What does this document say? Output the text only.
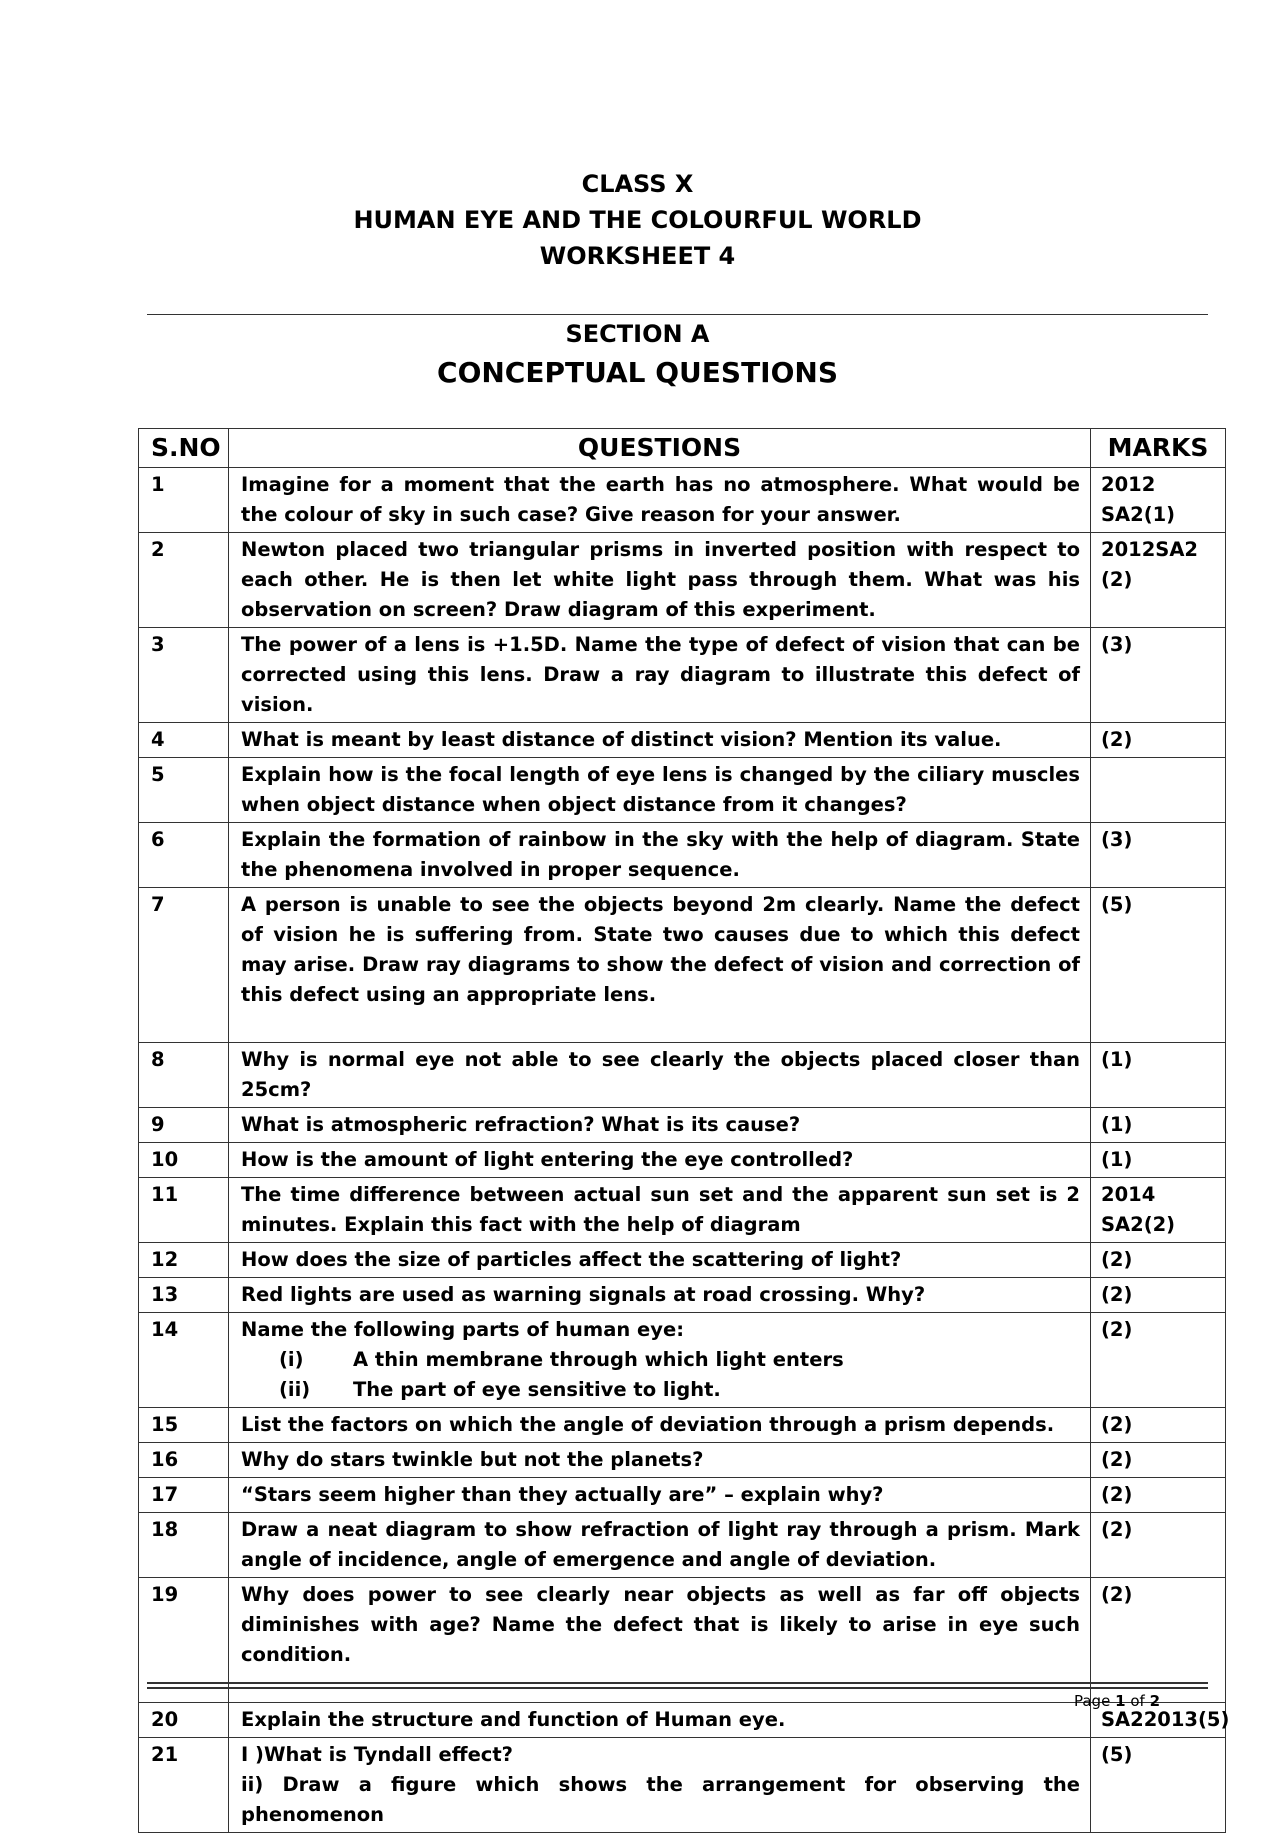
CLASS X
HUMAN EYE AND THE COLOURFUL WORLD
WORKSHEET 4
SECTION A
CONCEPTUAL QUESTIONS
S.NO	QUESTIONS	MARKS
1	Imagine for a moment that the earth has no atmosphere. What would be the colour of sky in such case? Give reason for your answer.	2012
SA2(1)

2	Newton placed two triangular prisms in inverted position with respect to each other. He is then let white light pass through them. What was his observation on screen? Draw diagram of this experiment.	2012SA2
(2)

3	The power of a lens is +1.5D. Name the type of defect of vision that can be corrected using this lens. Draw a ray diagram to illustrate this defect of vision.	(3)
4	What is meant by least distance of distinct vision? Mention its value.	(2)
5	Explain how is the focal length of eye lens is changed by the ciliary muscles when object distance when object distance from it changes?	
6	Explain the formation of rainbow in the sky with the help of diagram. State the phenomena involved in proper sequence.	(3)
7	A person is unable to see the objects beyond 2m clearly. Name the defect of vision he is suffering from. State two causes due to which this defect may arise. Draw ray diagrams to show the defect of vision and correction of this defect using an appropriate lens.	(5)
8	Why is normal eye not able to see clearly the objects placed closer than 25cm?	(1)
9	What is atmospheric refraction? What is its cause?	(1)
10	How is the amount of light entering the eye controlled?	(1)
11	The time difference between actual sun set and the apparent sun set is 2 minutes. Explain this fact with the help of diagram	2014
SA2(2)

12	How does the size of particles affect the scattering of light?	(2)
13	Red lights are used as warning signals at road crossing. Why?	(2)
14	Name the following parts of human eye:
(i) A thin membrane through which light enters
(ii) The part of eye sensitive to light.	(2)
15	List the factors on which the angle of deviation through a prism depends.	(2)
16	Why do stars twinkle but not the planets?	(2)
17	“Stars seem higher than they actually are” – explain why?	(2)
18	Draw a neat diagram to show refraction of light ray through a prism. Mark angle of incidence, angle of emergence and angle of deviation.	(2)
19	Why does power to see clearly near objects as well as far off objects diminishes with age? Name the defect that is likely to arise in eye such condition.	(2)
20	Explain the structure and function of Human eye.	SA22013(5)
21	I )What is Tyndall effect?
ii) Draw a figure which shows the arrangement for observing the phenomenon	(5)
Page 1 of 2
